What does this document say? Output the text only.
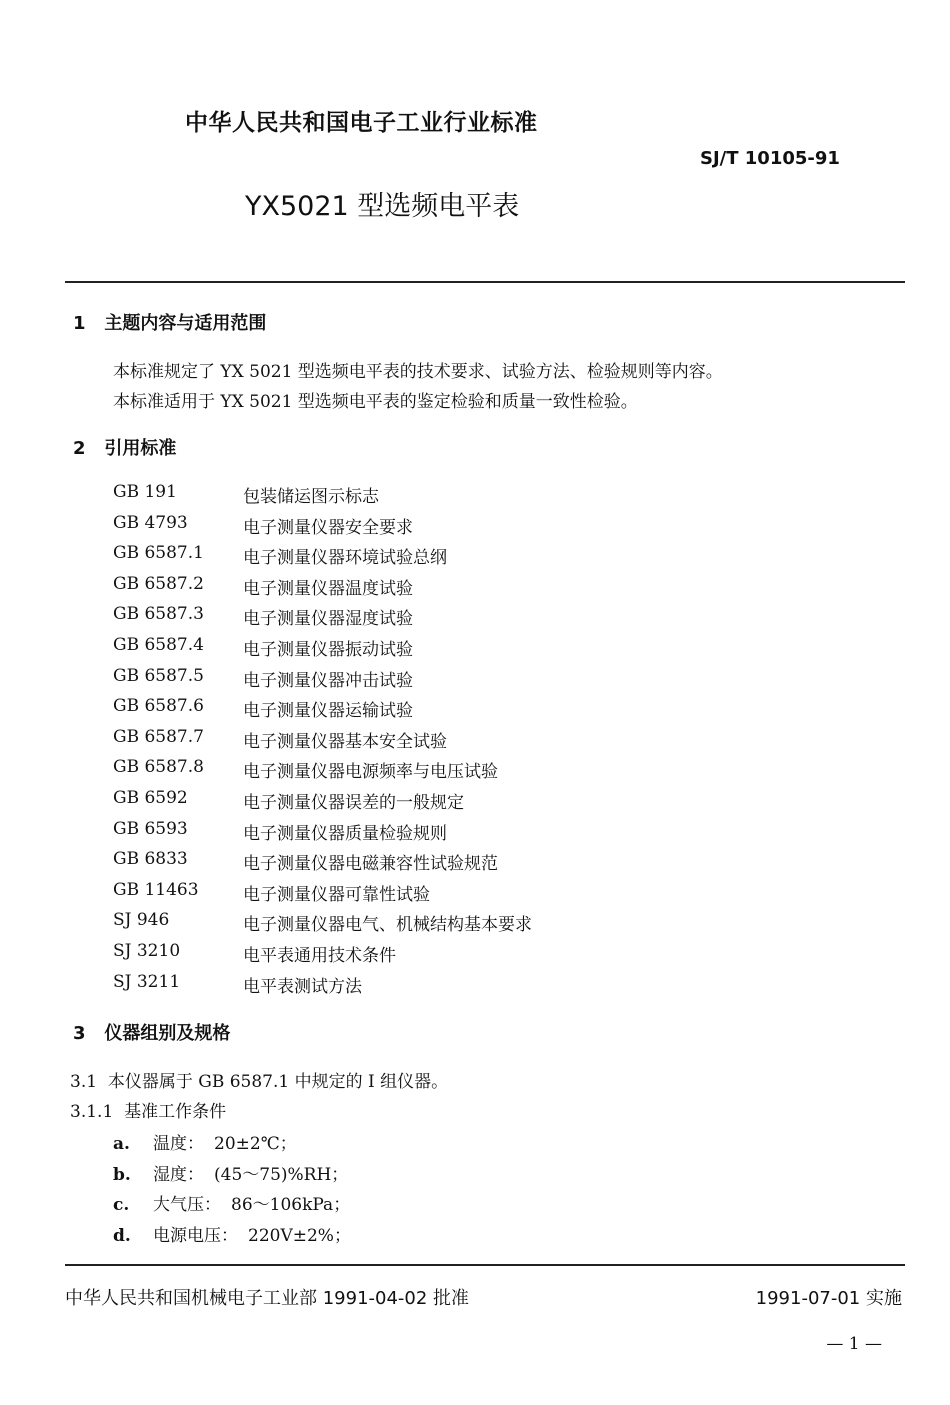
中华人民共和国电子工业行业标准
SJ/T 10105-91
YX5021 型选频电平表
1 主题内容与适用范围
本标准规定了 YX 5021 型选频电平表的技术要求、试验方法、检验规则等内容。
本标准适用于 YX 5021 型选频电平表的鉴定检验和质量一致性检验。
2 引用标准
GB 191	包装储运图示标志
GB 4793	电子测量仪器安全要求
GB 6587.1 电子测量仪器环境试验总纲
GB 6587.2 电子测量仪器温度试验
GB 6587.3 电子测量仪器湿度试验
GB 6587.4 电子测量仪器振动试验
GB 6587.5 电子测量仪器冲击试验
GB 6587.6 电子测量仪器运输试验
GB 6587.7 电子测量仪器基本安全试验
GB 6587.8 电子测量仪器电源频率与电压试验
GB 6592	电子测量仪器误差的一般规定
GB 6593	电子测量仪器质量检验规则
GB 6833	电子测量仪器电磁兼容性试验规范
GB 11463	电子测量仪器可靠性试验
SJ 946	电子测量仪器电气、机械结构基本要求
SJ 3210	电平表通用技术条件
SJ 3211	电平表测试方法
3 仪器组别及规格
3.1 本仪器属于 GB 6587.1 中规定的 Ⅰ 组仪器。
3.1.1 基准工作条件
a. 温度： 20±2℃；
b. 湿度： (45～75)%RH；
c. 大气压： 86～106kPa；
d. 电源电压： 220V±2%；
中华人民共和国机械电子工业部 1991-04-02 批准	1991-07-01 实施
— 1 —
